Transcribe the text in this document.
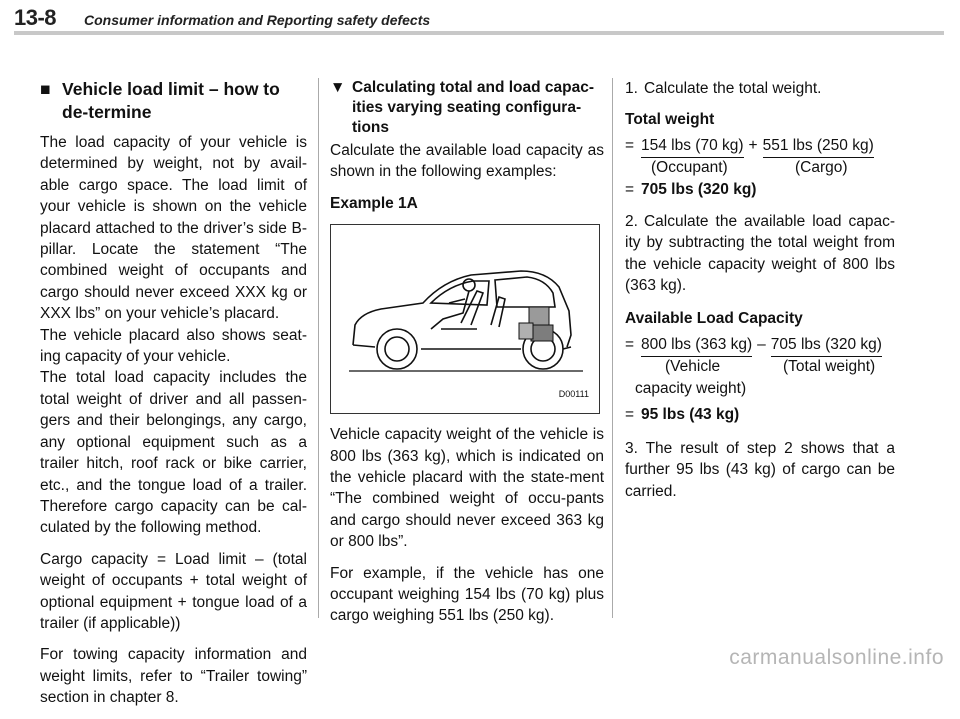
13-8 Consumer information and Reporting safety defects
■ Vehicle load limit – how to de-termine

The load capacity of your vehicle is determined by weight, not by avail-able cargo space. The load limit of your vehicle is shown on the vehicle placard attached to the driver’s side B-pillar. Locate the statement “The combined weight of occupants and cargo should never exceed XXX kg or XXX lbs” on your vehicle’s placard.

The vehicle placard also shows seat-ing capacity of your vehicle.

The total load capacity includes the total weight of driver and all passen-gers and their belongings, any cargo, any optional equipment such as a trailer hitch, roof rack or bike carrier, etc., and the tongue load of a trailer. Therefore cargo capacity can be cal-culated by the following method.

Cargo capacity = Load limit – (total weight of occupants + total weight of optional equipment + tongue load of a trailer (if applicable))

For towing capacity information and weight limits, refer to “Trailer towing” section in chapter 8.

▼ Calculating total and load capac-ities varying seating configura-tions

Calculate the available load capacity as shown in the following examples:

Example 1A
D00111

Vehicle capacity weight of the vehicle is 800 lbs (363 kg), which is indicated on the vehicle placard with the state-ment “The combined weight of occu-pants and cargo should never exceed 363 kg or 800 lbs”.

For example, if the vehicle has one occupant weighing 154 lbs (70 kg) plus cargo weighing 551 lbs (250 kg).

1. Calculate the total weight.
Total weight
= 154 lbs (70 kg) + 551 lbs (250 kg)
(Occupant)	(Cargo)
= 705 lbs (320 kg)
2. Calculate the available load capac-ity by subtracting the total weight from the vehicle capacity weight of 800 lbs (363 kg).
Available Load Capacity
= 800 lbs (363 kg) – 705 lbs (320 kg)
(Vehicle	(Total weight)
capacity weight)
= 95 lbs (43 kg)

3. The result of step 2 shows that a further 95 lbs (43 kg) of cargo can be carried.

carmanualsonline.info
